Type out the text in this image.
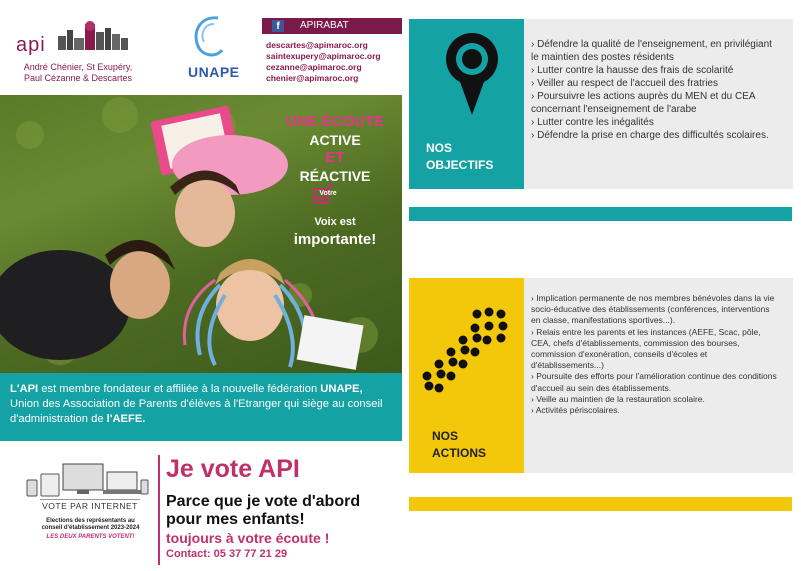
api
André Chénier, St Exupéry,
Paul Cézanne & Descartes	UNAPE
f	APIRABAT
descartes@apimaroc.org
saintexupery@apimaroc.org
cezanne@apimaroc.org
chenier@apimaroc.org
UNE ÉCOUTE
ACTIVE
ET
RÉACTIVE
Votre
Voix est
importante!

L'API est membre fondateur et affiliée à la nouvelle fédération UNAPE, Union des Association de Parents d'élèves à l'Etranger qui siège au conseil d'administration de l'AEFE.

VOTE PAR INTERNET
Elections des représentants au
conseil d'établissement 2023-2024
LES DEUX PARENTS VOTENT!
Je vote API
Parce que je vote d'abord
pour mes enfants!
toujours à votre écoute !
Contact: 05 37 77 21 29
NOS
OBJECTIFS
› Défendre la qualité de l'enseignement, en privilégiant le maintien des postes résidents
› Lutter contre la hausse des frais de scolarité
› Veiller au respect de l'accueil des fratries
› Poursuivre les actions auprès du MEN et du CEA concernant l'enseignement de l'arabe
› Lutter contre les inégalités
› Défendre la prise en charge des difficultés scolaires.
NOS
ACTIONS
› Implication permanente de nos membres bénévoles dans la vie socio-éducative des établissements (conférences, interventions en classe, manifestations sportives...).
› Relais entre les parents et les instances (AEFE, Scac, pôle, CEA, chefs d'établissements, commission des bourses, commission d'exonération, conseils d'écoles et d'établissements...)
› Poursuite des efforts pour l'amélioration continue des conditions d'accueil au sein des établissements.
› Veille au maintien de la restauration scolaire.
› Activités périscolaires.
